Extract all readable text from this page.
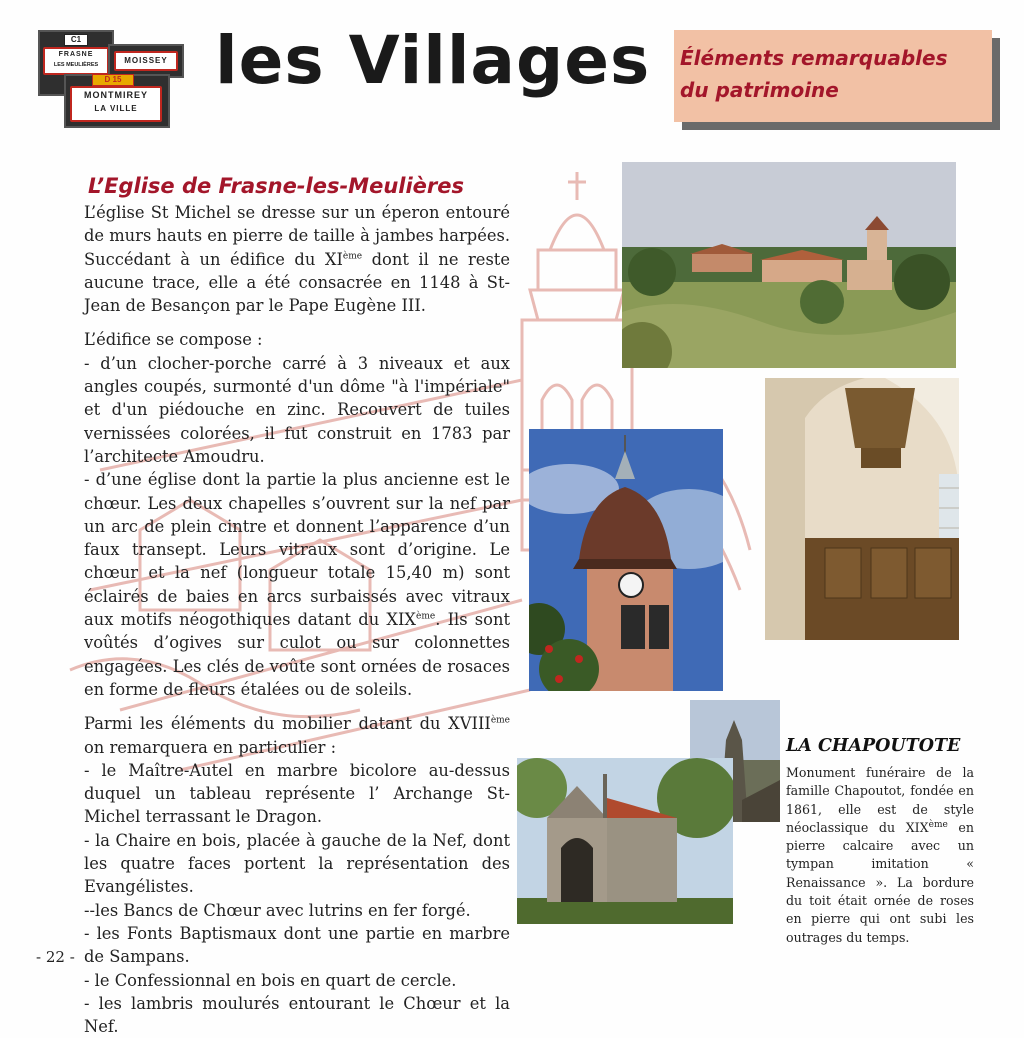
C1
FRASNE
LES MEULIÈRES	MOISSEY
D 15
MONTMIREY
LA VILLE
les Villages Éléments remarquables

du patrimoine

L’Eglise de Frasne-les-Meulières

L’église St Michel se dresse sur un éperon entouré de murs hauts en pierre de taille à jambes harpées. Succédant à un édifice du XIème dont il ne reste aucune trace, elle a été consacrée en 1148 à St-Jean de Besançon par le Pape Eugène III.

L’édifice se compose :

- d’un clocher-porche carré à 3 niveaux et aux angles coupés, surmonté d'un dôme "à l'impériale" et d'un piédouche en zinc. Recouvert de tuiles vernissées colorées, il fut construit en 1783 par l’architecte Amoudru.

- d’une église dont la partie la plus ancienne est le chœur. Les deux chapelles s’ouvrent sur la nef par un arc de plein cintre et donnent l’apparence d’un faux transept. Leurs vitraux sont d’origine. Le chœur et la nef (longueur totale 15,40 m) sont éclairés de baies en arcs surbaissés avec vitraux aux motifs néogothiques datant du XIXème. Ils sont voûtés d’ogives sur culot ou sur colonnettes engagées. Les clés de voûte sont ornées de rosaces en forme de fleurs étalées ou de soleils.

Parmi les éléments du mobilier datant du XVIIIème on remarquera en particulier :

- le Maître-Autel en marbre bicolore au-dessus duquel un tableau représente l’ Archange St-Michel terrassant le Dragon.

- la Chaire en bois, placée à gauche de la Nef, dont les quatre faces portent la représentation des Evangélistes.

--les Bancs de Chœur avec lutrins en fer forgé.

- les Fonts Baptismaux dont une partie en marbre de Sampans.

- le Confessionnal en bois en quart de cercle.

- les lambris moulurés entourant le Chœur et la Nef.

LA CHAPOUTOTE

Monument funéraire de la famille Chapoutot, fondée en 1861, elle est de style néoclassique du XIXème en pierre calcaire avec un tympan imitation « Renaissance ». La bordure du toit était ornée de roses en pierre qui ont subi les outrages du temps.

- 22 -
